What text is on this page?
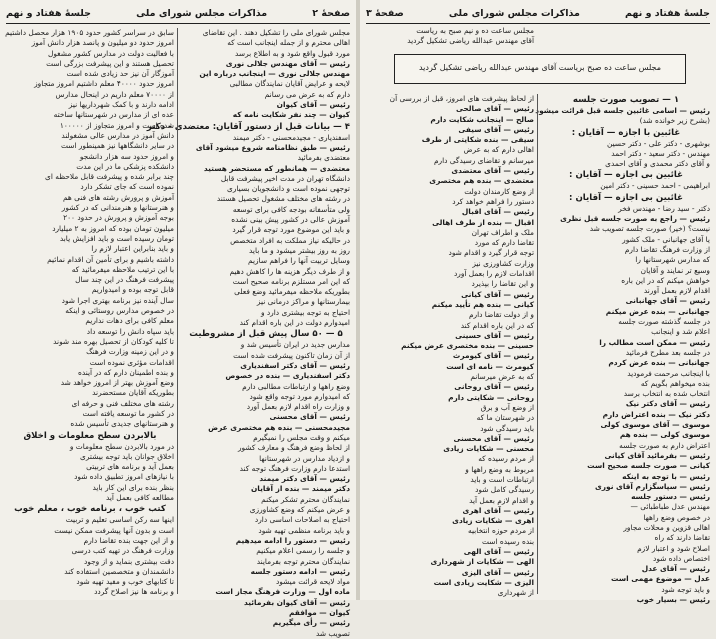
صفحهٔ ۲
مذاکرات مجلس شورای ملی
جلسهٔ هفتاد و نهم
مجلس شورای ملی را تشکیل دهند . این تقاضای
اهالی محترم و از جمله اینجانب است که
مورد قبول واقع شود و به اطلاع برسد
رئیس — آقای مهندس جلالی نوری
مهندس جلالی نوری — اینجانب درباره این
لایحه و عرایض آقایان نمایندگان مطالبی
دارم که به عرض می رسانم
رئیس — آقای کیوان
کیوان — چند نفر شکایت نامه که
۴ — بیانات قبل از دستور آقایان: معتضدی - دکتر
اسفندیاری - مجیدمحسنی - دکتر میمند
رئیس — طبق نظامنامه شروع میشود آقای
معتضدی بفرمائید
معتضدی — همانطور که مستحضر هستید
دانشگاه تهران در مدت اخیر پیشرفت قابل
توجهی نموده است و دانشجویان بسیاری
در رشته های مختلف مشغول تحصیل هستند
ولی متأسفانه بودجه کافی برای توسعه
آموزش عالی در کشور پیش بینی نشده
و باید این موضوع مورد توجه قرار گیرد
در حالیکه نیاز مملکت به افراد متخصص
روز به روز بیشتر میشود و ما باید
وسایل تربیت آنها را فراهم سازیم
و از طرف دیگر هزینه ها را کاهش دهیم
که این امر مستلزم برنامه صحیح است
بطوریکه ملاحظه میفرمائید وضع فعلی
بیمارستانها و مراکز درمانی نیز
احتیاج به توجه بیشتری دارد و
امیدوارم دولت در این باره اقدام کند
۵ — ۵۰ سال پیش قبل از مشروطیت
مدارس جدید در ایران تأسیس شد و
از آن زمان تاکنون پیشرفت شده است
رئیس — آقای دکتر اسفندیاری
دکتر اسفندیاری — بنده در خصوص
وضع راهها و ارتباطات مطالبی دارم
که امیدوارم مورد توجه واقع شود
و وزارت راه اقدام لازم بعمل آورد
رئیس — آقای محسنی
مجیدمحسنی — بنده هم مختصری عرض
میکنم و وقت مجلس را نمیگیرم
از لحاظ وضع فرهنگ و معارف کشور
و ازدیاد مدارس در شهرستانها
استدعا دارم وزارت فرهنگ توجه کند
رئیس — آقای دکتر میمند
دکتر میمند — بنده از آقایان
نمایندگان محترم تشکر میکنم
و عرض میکنم که وضع کشاورزی
احتیاج به اصلاحات اساسی دارد
و باید برنامه منظمی تهیه شود
رئیس — دستور را ادامه میدهیم
و جلسه را رسمی اعلام میکنیم
نمایندگان محترم توجه بفرمایند
رئیس — ادامه دستور جلسه
مواد لایحه قرائت میشود
ماده اول — وزارت فرهنگ مجاز است
رئیس — آقای کیوان بفرمائید
کیوان — موافقم
رئیس — رأی میگیریم
تصویب شد
سابق در سراسر کشور حدود ۱۹۰۵ هزار محصل داشتیم
امروز حدود دو میلیون و پانصد هزار دانش آموز
با فعالیت دولت در مدارس کشور مشغول
تحصیل هستند و این پیشرفت بزرگی است
آموزگار آن نیز حد زیادی شده است
امروز حدود ۴۰۰۰۰ معلم داشتیم امروز متجاوز
از ۷۰۰۰۰ معلم داریم در اینحال مدارس
ادامه دارند و با کمک شهرداریها نیز
عده ای از مدارس در شهرستانها ساخته
شده است و امروز متجاوز از ۱۰۰۰۰۰
دانش آموز در مدارس عالی مشغولند
در سایر دانشگاهها نیز همینطور است
و امروز حدود سه هزار دانشجو
دانشکده پزشکی ما در این مدت
چند برابر شده و پیشرفت قابل ملاحظه ای
نموده است که جای تشکر دارد
آموزش و پرورش رشته های فنی هم
و هنرستانها و هنرمندانی که در کشور
بوجه آموزش و پرورش در حدود ۲۰۰
میلیون تومان بوده که امروز به ۲ میلیارد
تومان رسیده است و باید افزایش یابد
و باید بنابراین اعتبار لازم را
داشته باشیم و برای تأمین آن اقدام نمائیم
با این ترتیب ملاحظه میفرمائید که
پیشرفت فرهنگ در این چند سال
قابل توجه بوده و امیدواریم
سال آینده نیز برنامه بهتری اجرا شود
در خصوص مدارس روستائی و اینکه
معلم کافی برای دهات نداریم
باید سپاه دانش را توسعه داد
تا کلیه کودکان از تحصیل بهره مند شوند
و در این زمینه وزارت فرهنگ
اقدامات مؤثری نموده است
و بنده اطمینان دارم که در آینده
وضع آموزش بهتر از امروز خواهد شد
بطوریکه آقایان مستحضرند
رشته های مختلف فنی و حرفه ای
در کشور ما توسعه یافته است
و هنرستانهای جدیدی تأسیس شده
بالابردن سطح معلومات و اخلاق
در مورد بالابردن سطح معلومات و
اخلاق جوانان باید توجه بیشتری
بعمل آید و برنامه های تربیتی
با نیازهای امروز تطبیق داده شود
بنظر بنده برای این کار باید
مطالعه کافی بعمل آید
کتب خوب ، برنامه خوب ، معلم خوب
اینها سه رکن اساسی تعلیم و تربیت
است و بدون آنها پیشرفت ممکن نیست
و از این جهت بنده تقاضا دارم
وزارت فرهنگ در تهیه کتب درسی
دقت بیشتری بنماید و از وجود
دانشمندان و متخصصین استفاده کند
تا کتابهای خوب و مفید تهیه شود
و برنامه ها نیز اصلاح گردد
جلسهٔ هفتاد و نهم
مذاکرات مجلس شورای ملی
صفحهٔ ۳
مجلس ساعت ده و نیم صبح به ریاست
آقای مهندس عبدالله ریاضی تشکیل گردید
مجلس ساعت ده صبح بریاست آقای مهندس عبدالله ریاضی تشکیل گردید
۱ — تصویب صورت جلسه
رئیس — اسامی غائبین جلسه قبل قرائت میشود
(بشرح زیر خوانده شد)
غائبین با اجازه — آقایان :
بوشهری - دکتر علی - دکتر حسین
مهندس - دکتر سعید - دکتر احمد
و آقای دکتر محمدی و آقای احمدی
غائبین بی اجازه — آقایان :
ابراهیمی - احمد حسینی - دکتر امین
غائبین بی اجازه — آقایان :
دکتر - سید رضا - مهندس فخر
رئیس — راجع به صورت جلسه قبل نظری
نیست؟ (خیر) صورت جلسه تصویب شد
یا آقای جهانبانی - ملک کشور
از وزارت فرهنگ تقاضا دارم
که مدارس شهرستانها را
وسیع تر نمایند و آقایان
خواهش میکنم که در این باره
اقدام لازم بعمل آورند
رئیس — آقای جهانبانی
جهانبانی — بنده عرض میکنم
در جلسه گذشته صورت جلسه
اعلام شد و اینجانب
رئیس — ممکن است مطالب را
در جلسه بعد مطرح فرمائید
جهانبانی — بنده عرض کردم
با اینجانب مرحمت فرمودید
بنده میخواهم بگویم که
انتخاب شده به انتخاب برسد
رئیس — آقای دکتر نیک
دکتر نیک — بنده اعتراض دارم
موسوی — آقای موسوی کولی
موسوی کولی — بنده هم
اعتراض دارم به صورت جلسه
رئیس — بفرمائید آقای کیانی
کیانی — صورت جلسه صحیح است
رئیس — با توجه به اینکه
رئیس — سپاسگزارم آقای نوری
رئیس — دستور جلسه
مهندس عدل طباطبائی —
در خصوص وضع راهها
اهالی قزوین و محلات مجاور
تقاضا دارند که راه
اصلاح شود و اعتبار لازم
اختصاص داده شود
رئیس — آقای عدل
عدل — موضوع مهمی است
و باید توجه شود
رئیس — بسیار خوب
از لحاظ پیشرفت های امروز، قبل از بررسی آن
رئیس — آقای صالحی
صالح — اینجانب شکایت دارم
رئیس — آقای سیفی
سیفی — بنده شکایتی از طرف
اهالی دارم که به عرض
میرسانم و تقاضای رسیدگی دارم
رئیس — آقای معتضدی
معتضدی — بنده هم مختصری
از وضع کارمندان دولت
دستور را فراهم خواهد کرد
رئیس — آقای اقبال
اقبال — بنده از طرف اهالی
ملک و اطراف تهران
تقاضا دارم که مورد
توجه قرار گیرد و اقدام شود
وزارت کشاورزی نیز
اقدامات لازم را بعمل آورد
و این تقاضا را بپذیرد
رئیس — آقای کیانی
کیانی — بنده هم تأیید میکنم
و از دولت تقاضا دارم
که در این باره اقدام کند
رئیس — آقای حسینی
حسینی — بنده مختصری عرض میکنم
رئیس — آقای کیومرث
کیومرث — نامه ای است
که به عرض میرسانم
رئیس — آقای روحانی
روحانی — شکایتی دارم
از وضع آب و برق
در شهرستان ما که
باید رسیدگی شود
رئیس — آقای محسنی
محسنی — شکایات زیادی
از مردم رسیده که
مربوط به وضع راهها و
ارتباطات است و باید
رسیدگی کامل شود
و اقدام لازم بعمل آید
رئیس — آقای اهری
اهری — شکایات زیادی
از مردم حوزه انتخابیه
بنده رسیده است
رئیس — آقای الهی
الهی — شکایات از شهرداری
رئیس — آقای الیزی
الیزی — شکایت زیادی است
از شهرداری
